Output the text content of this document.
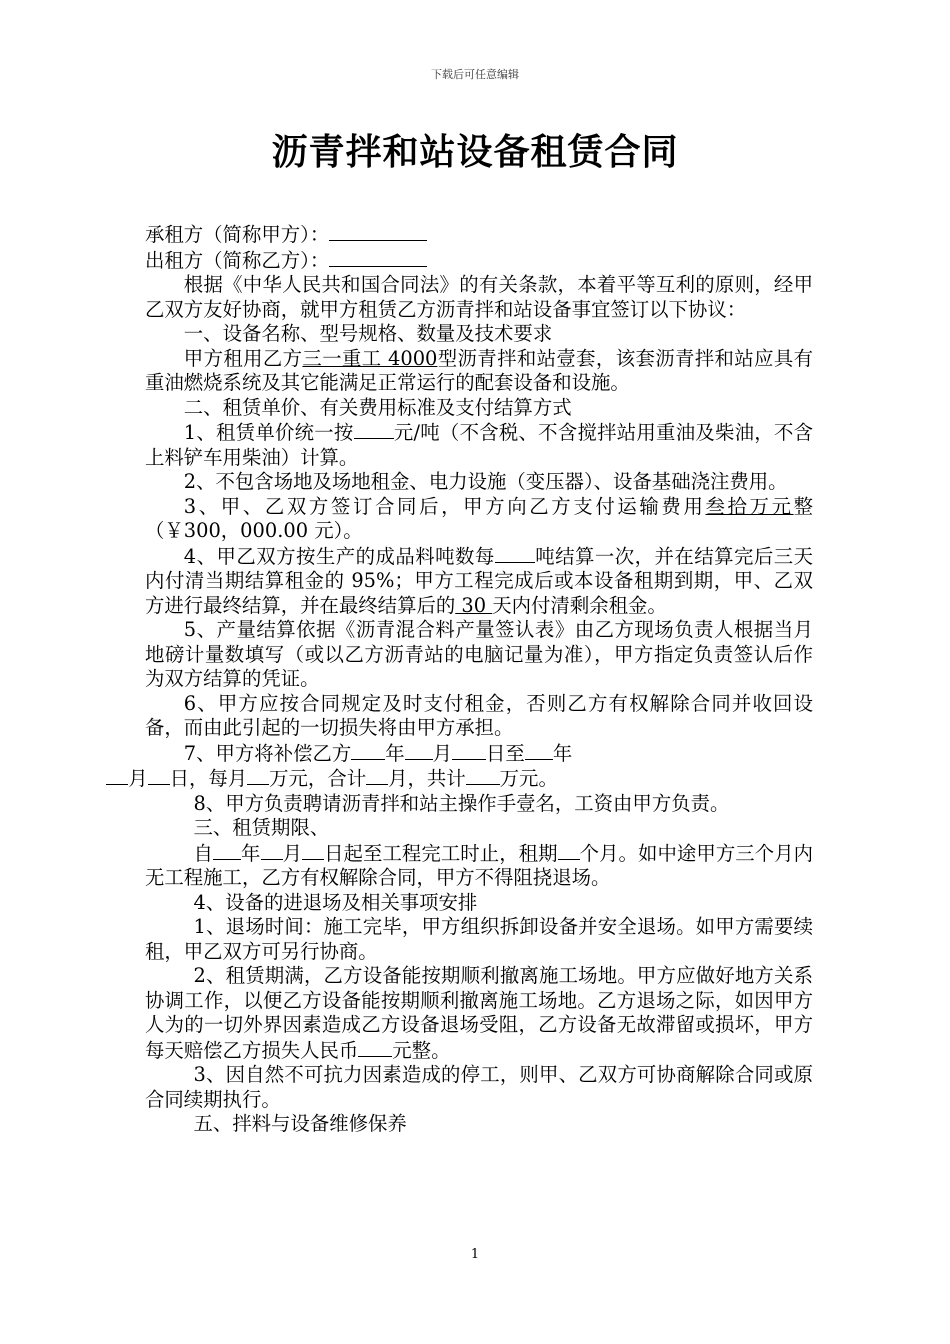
下载后可任意编辑
沥青拌和站设备租赁合同

承租方（简称甲方）：

出租方（简称乙方）：

根据《中华人民共和国合同法》的有关条款，本着平等互利的原则，经甲乙双方友好协商，就甲方租赁乙方沥青拌和站设备事宜签订以下协议：

一、设备名称、型号规格、数量及技术要求

甲方租用乙方三一重工 4000型沥青拌和站壹套，该套沥青拌和站应具有重油燃烧系统及其它能满足正常运行的配套设备和设施。

二、租赁单价、有关费用标准及支付结算方式

1、租赁单价统一按 元/吨（不含税、不含搅拌站用重油及柴油，不含上料铲车用柴油）计算。

2、不包含场地及场地租金、电力设施（变压器）、设备基础浇注费用。

3、甲、乙双方签订合同后，甲方向乙方支付运输费用叁拾万元整（￥300，000.00 元）。

4、甲乙双方按生产的成品料吨数每 吨结算一次，并在结算完后三天内付清当期结算租金的 95%；甲方工程完成后或本设备租期到期，甲、乙双方进行最终结算，并在最终结算后的 30 天内付清剩余租金。

5、产量结算依据《沥青混合料产量签认表》由乙方现场负责人根据当月地磅计量数填写（或以乙方沥青站的电脑记量为准），甲方指定负责签认后作为双方结算的凭证。

6、甲方应按合同规定及时支付租金，否则乙方有权解除合同并收回设备，而由此引起的一切损失将由甲方承担。

7、甲方将补偿乙方 年 月 日至 年
月 日，每月 万元，合计 月，共计 万元。

8、甲方负责聘请沥青拌和站主操作手壹名，工资由甲方负责。

三、租赁期限、

自 年 月 日起至工程完工时止，租期 个月。如中途甲方三个月内无工程施工，乙方有权解除合同，甲方不得阻挠退场。

4、设备的进退场及相关事项安排

1、退场时间：施工完毕，甲方组织拆卸设备并安全退场。如甲方需要续租，甲乙双方可另行协商。

2、租赁期满，乙方设备能按期顺利撤离施工场地。甲方应做好地方关系协调工作，以便乙方设备能按期顺利撤离施工场地。乙方退场之际，如因甲方人为的一切外界因素造成乙方设备退场受阻，乙方设备无故滞留或损坏，甲方每天赔偿乙方损失人民币 元整。

3、因自然不可抗力因素造成的停工，则甲、乙双方可协商解除合同或原合同续期执行。

五、拌料与设备维修保养

1
